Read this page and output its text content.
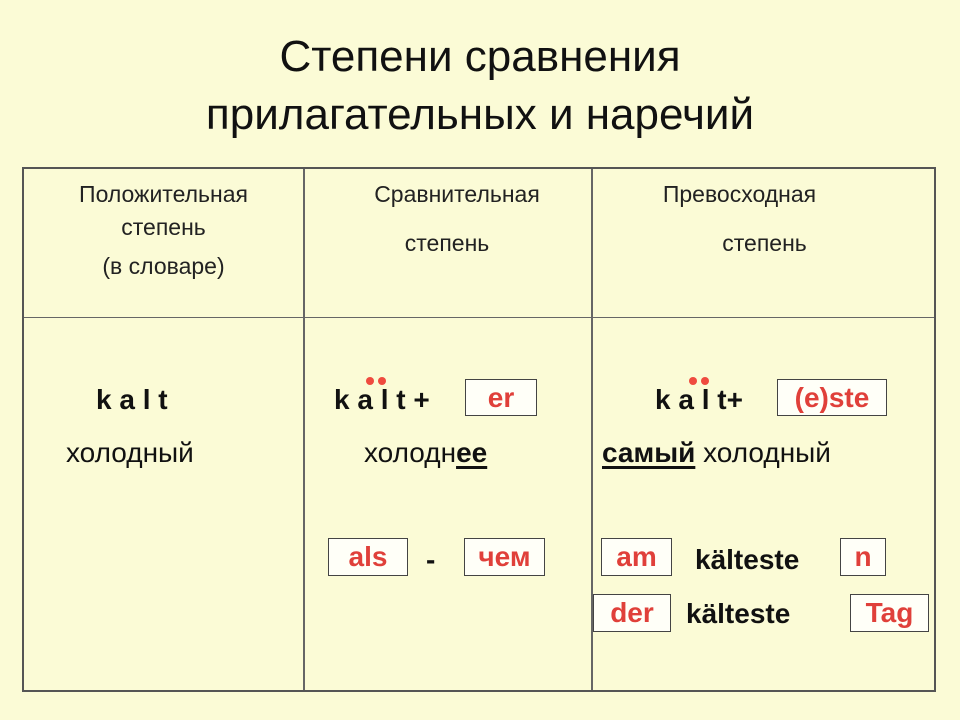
Степени сравнения
прилагательных и наречий
Положительная
степень
(в словаре)
Сравнительная
степень
Превосходная
степень
k a l t
холодный
k a l t +	er
холоднее
als	-	чем
k a l t+	(e)ste
самый холодный
am	kälteste	n
der	kälteste	Tag
